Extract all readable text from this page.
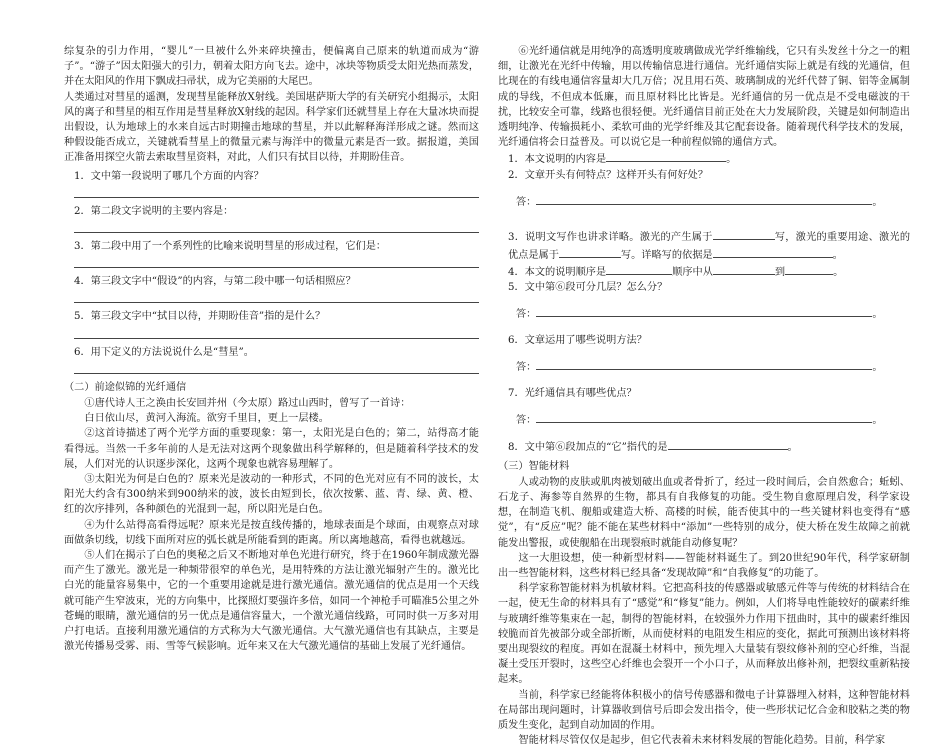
综复杂的引力作用，“婴儿”一旦被什么外来碎块撞击，便偏离自己原来的轨道而成为“游子”。“游子”因太阳强大的引力，朝着太阳方向飞去。途中，冰块等物质受太阳光热而蒸发，并在太阳风的作用下飘成扫帚状，成为它美丽的大尾巴。

人类通过对彗星的遥测，发现彗星能释放X射线。美国堪萨斯大学的有关研究小组揭示，太阳风的离子和彗星的相互作用是彗星释放X射线的起因。科学家们还就彗星上存在大量冰块而提出假设，认为地球上的水来自远古时期撞击地球的彗星，并以此解释海洋形成之谜。然而这种假设能否成立，关键就看彗星上的微量元素与海洋中的微量元素是否一致。据报道，美国正准备用探空火箭去索取彗星资料，对此，人们只有拭目以待，并期盼佳音。

1．文中第一段说明了哪几个方面的内容？

2．第二段文字说明的主要内容是：

3．第二段中用了一个系列性的比喻来说明彗星的形成过程，它们是：

4．第三段文字中“假设”的内容，与第二段中哪一句话相照应？

5．第三段文字中“拭目以待，并期盼佳音”指的是什么？

6．用下定义的方法说说什么是“彗星”。

（二）前途似锦的光纤通信

①唐代诗人王之涣由长安回并州（今太原）路过山西时，曾写了一首诗：

白日依山尽，黄河入海流。欲穷千里目，更上一层楼。

②这首诗描述了两个光学方面的重要现象：第一，太阳光是白色的；第二，站得高才能看得远。当然一千多年前的人是无法对这两个现象做出科学解释的，但是随着科学技术的发展，人们对光的认识逐步深化，这两个现象也就容易理解了。

③太阳光为何是白色的？原来光是波动的一种形式，不同的色光对应有不同的波长，太阳光大约含有300纳米到900纳米的波，波长由短到长，依次按紫、蓝、青、绿、黄、橙、红的次序排列，各种颜色的光混到一起，所以阳光是白色。

④为什么站得高看得远呢？原来光是按直线传播的，地球表面是个球面，由观察点对球面做条切线，切线下面所对应的弧长就是所能看到的距离。所以离地越高，看得也就越远。

⑤人们在揭示了白色的奥秘之后又不断地对单色光进行研究，终于在1960年制成激光器而产生了激光。激光是一种频带很窄的单色光，是用特殊的方法让激光辐射产生的。激光比白光的能量容易集中，它的一个重要用途就是进行激光通信。激光通信的优点是用一个天线就可能产生窄波束，光的方向集中，比探照灯要强许多倍，如同一个神枪手可瞄准5公里之外苍蝇的眼睛，激光通信的另一优点是通信容量大，一个激光通信线路，可同时供一万多对用户打电话。直接利用激光通信的方式称为大气激光通信。大气激光通信也有其缺点，主要是激光传播易受雾、雨、雪等气候影响。近年来又在大气激光通信的基础上发展了光纤通信。

⑥光纤通信就是用纯净的高透明度玻璃做成光学纤维输线，它只有头发丝十分之一的粗细，让激光在光纤中传输，用以传输信息进行通信。光纤通信实际上就是有线的光通信，但比现在的有线电通信容量却大几万倍；况且用石英、玻璃制成的光纤代替了铜、铝等金属制成的导线，不但成本低廉，而且原材料比比皆是。光纤通信的另一优点是不受电磁波的干扰，比较安全可靠，线路也很轻便。光纤通信目前正处在大力发展阶段，关键是如何制造出透明纯净、传输损耗小、柔软可曲的光学纤维及其它配套设备。随着现代科学技术的发展，光纤通信将会日益普及。可以说它是一种前程似锦的通信方式。

1．本文说明的内容是	。

2．文章开头有何特点？这样开头有何好处？

答：	。

3．说明文写作也讲求详略。激光的产生属于	写，激光的重要用途、激光的优点是属于	写。详略写的依据是	。

4．本文的说明顺序是	顺序中从	到	。

5．文中第⑥段可分几层？怎么分？

答：	。

6．文章运用了哪些说明方法？

答：	。

7．光纤通信具有哪些优点？

答：	。

8．文中第⑥段加点的“它”指代的是	。

（三）智能材料

人或动物的皮肤或肌肉被划破出血或者骨折了，经过一段时间后，会自然愈合；蚯蚓、石龙子、海参等自然界的生物，都具有自我修复的功能。受生物自愈原理启发，科学家设想，在制造飞机、舰船或建造大桥、高楼的时候，能否使其中的一些关键材料也变得有“感觉”，有“反应”呢？能不能在某些材料中“添加”一些特别的成分，使大桥在发生故障之前就能发出警报，或使舰船在出现裂痕时就能自动修复呢？

这一大胆设想，使一种新型材料——智能材料诞生了。到20世纪90年代，科学家研制出一些智能材料，这些材料已经具备“发现故障”和“自我修复”的功能了。

科学家称智能材料为机敏材料。它把高科技的传感器或敏感元件等与传统的材料结合在一起，使无生命的材料具有了“感觉”和“修复”能力。例如，人们将导电性能较好的碳素纤维与玻璃纤维等集束在一起，制得的智能材料，在较强外力作用下扭曲时，其中的碳素纤维因较脆而首先被部分或全部折断，从而使材料的电阻发生相应的变化，据此可预测出该材料将要出现裂纹的程度。再如在混凝土材料中，预先埋入大量装有裂纹修补剂的空心纤维，当混凝土受压开裂时，这些空心纤维也会裂开一个小口子，从而释放出修补剂，把裂纹重新粘接起来。

当前，科学家已经能将体积极小的信号传感器和微电子计算器埋入材料，这种智能材料在局部出现问题时，计算器收到信号后即会发出指令，使一些形状记忆合金和胶粘之类的物质发生变化，起到自动加固的作用。

智能材料尽管仅仅是起步，但它代表着未来材料发展的智能化趋势。目前，科学家
